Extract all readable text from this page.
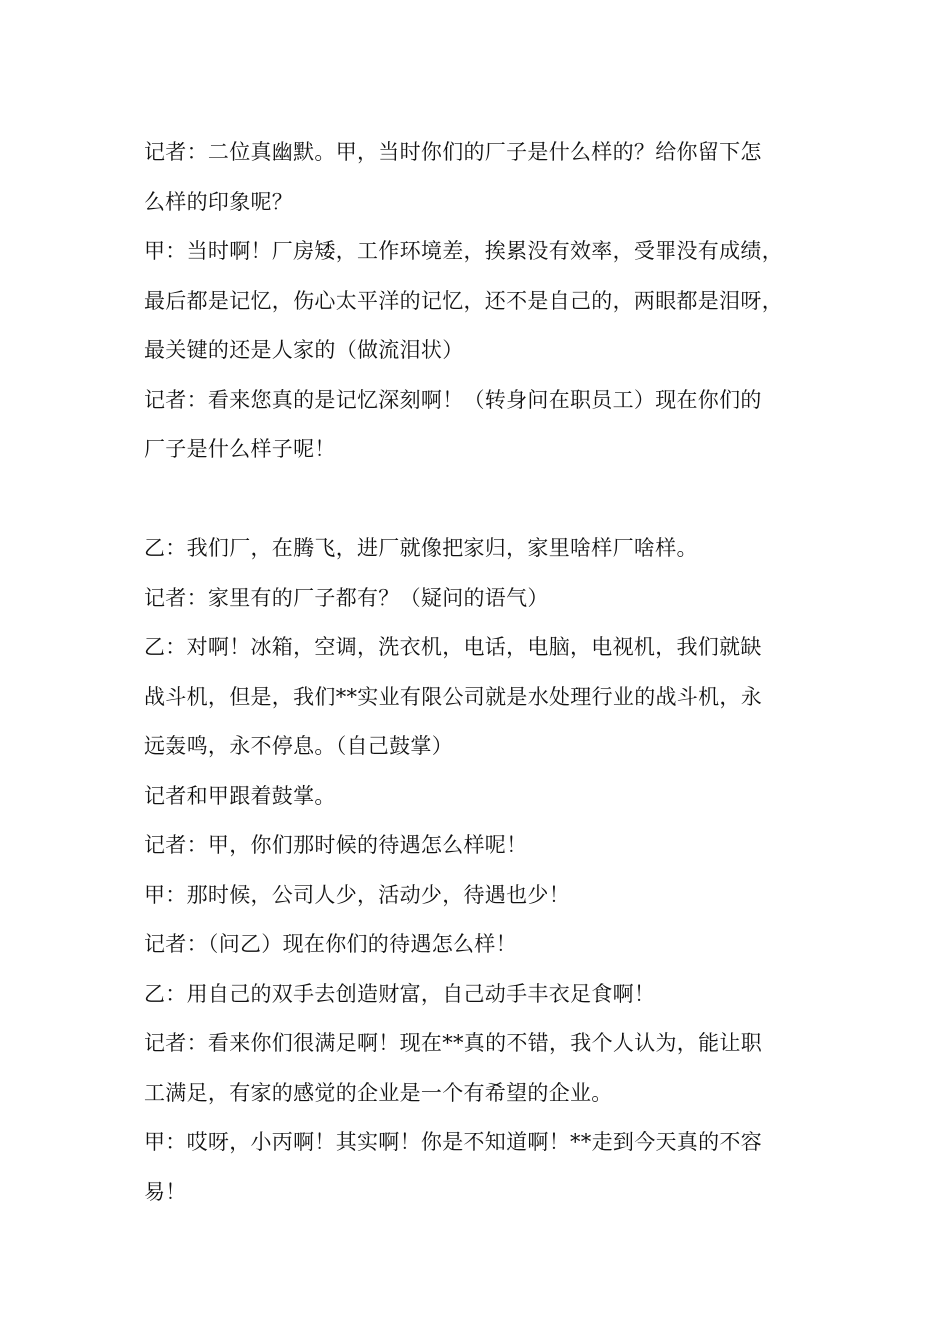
记者：二位真幽默。甲，当时你们的厂子是什么样的？给你留下怎
么样的印象呢？
甲：当时啊！厂房矮，工作环境差，挨累没有效率，受罪没有成绩，
最后都是记忆，伤心太平洋的记忆，还不是自己的，两眼都是泪呀，
最关键的还是人家的（做流泪状）
记者：看来您真的是记忆深刻啊！（转身问在职员工）现在你们的
厂子是什么样子呢！
乙：我们厂，在腾飞，进厂就像把家归，家里啥样厂啥样。
记者：家里有的厂子都有？（疑问的语气）
乙：对啊！冰箱，空调，洗衣机，电话，电脑，电视机，我们就缺
战斗机，但是，我们**实业有限公司就是水处理行业的战斗机，永
远轰鸣，永不停息。（自己鼓掌）
记者和甲跟着鼓掌。
记者：甲，你们那时候的待遇怎么样呢！
甲：那时候，公司人少，活动少，待遇也少！
记者：（问乙）现在你们的待遇怎么样！
乙：用自己的双手去创造财富，自己动手丰衣足食啊！
记者：看来你们很满足啊！现在**真的不错，我个人认为，能让职
工满足，有家的感觉的企业是一个有希望的企业。
甲：哎呀，小丙啊！其实啊！你是不知道啊！**走到今天真的不容
易！
